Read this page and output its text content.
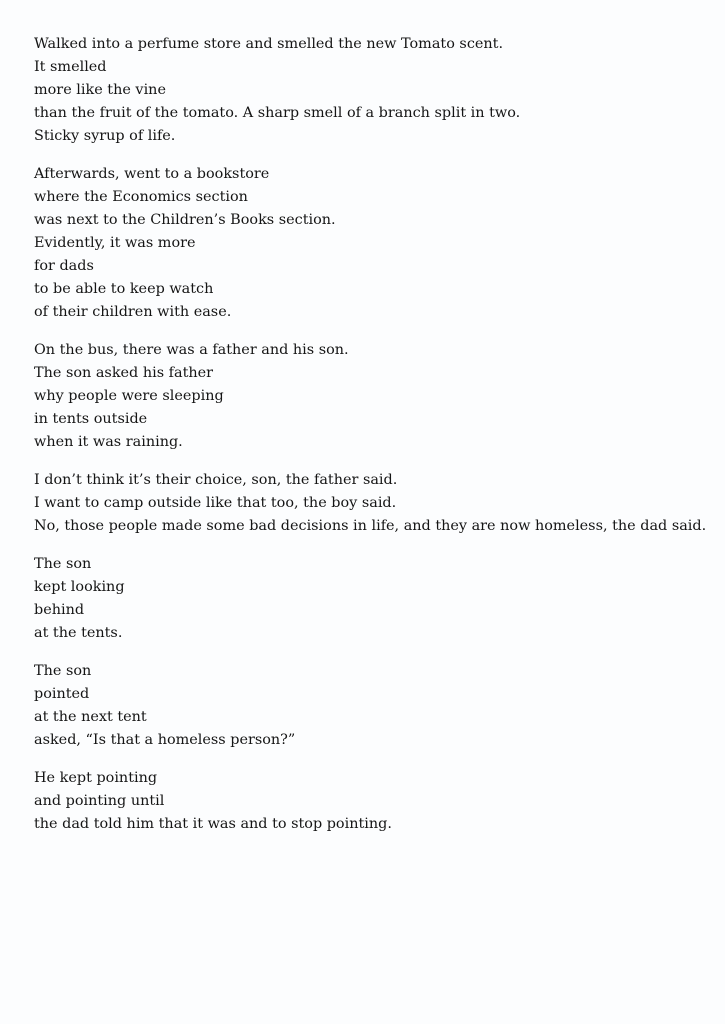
Walked into a perfume store and smelled the new Tomato scent.
It smelled
more like the vine
than the fruit of the tomato. A sharp smell of a branch split in two.
Sticky syrup of life.
Afterwards, went to a bookstore
where the Economics section
was next to the Children’s Books section.
Evidently, it was more
for dads
to be able to keep watch
of their children with ease.
On the bus, there was a father and his son.
The son asked his father
why people were sleeping
in tents outside
when it was raining.
I don’t think it’s their choice, son, the father said.
I want to camp outside like that too, the boy said.
No, those people made some bad decisions in life, and they are now homeless, the dad said.
The son
kept looking
behind
at the tents.
The son
pointed
at the next tent
asked, “Is that a homeless person?”
He kept pointing
and pointing until
the dad told him that it was and to stop pointing.
